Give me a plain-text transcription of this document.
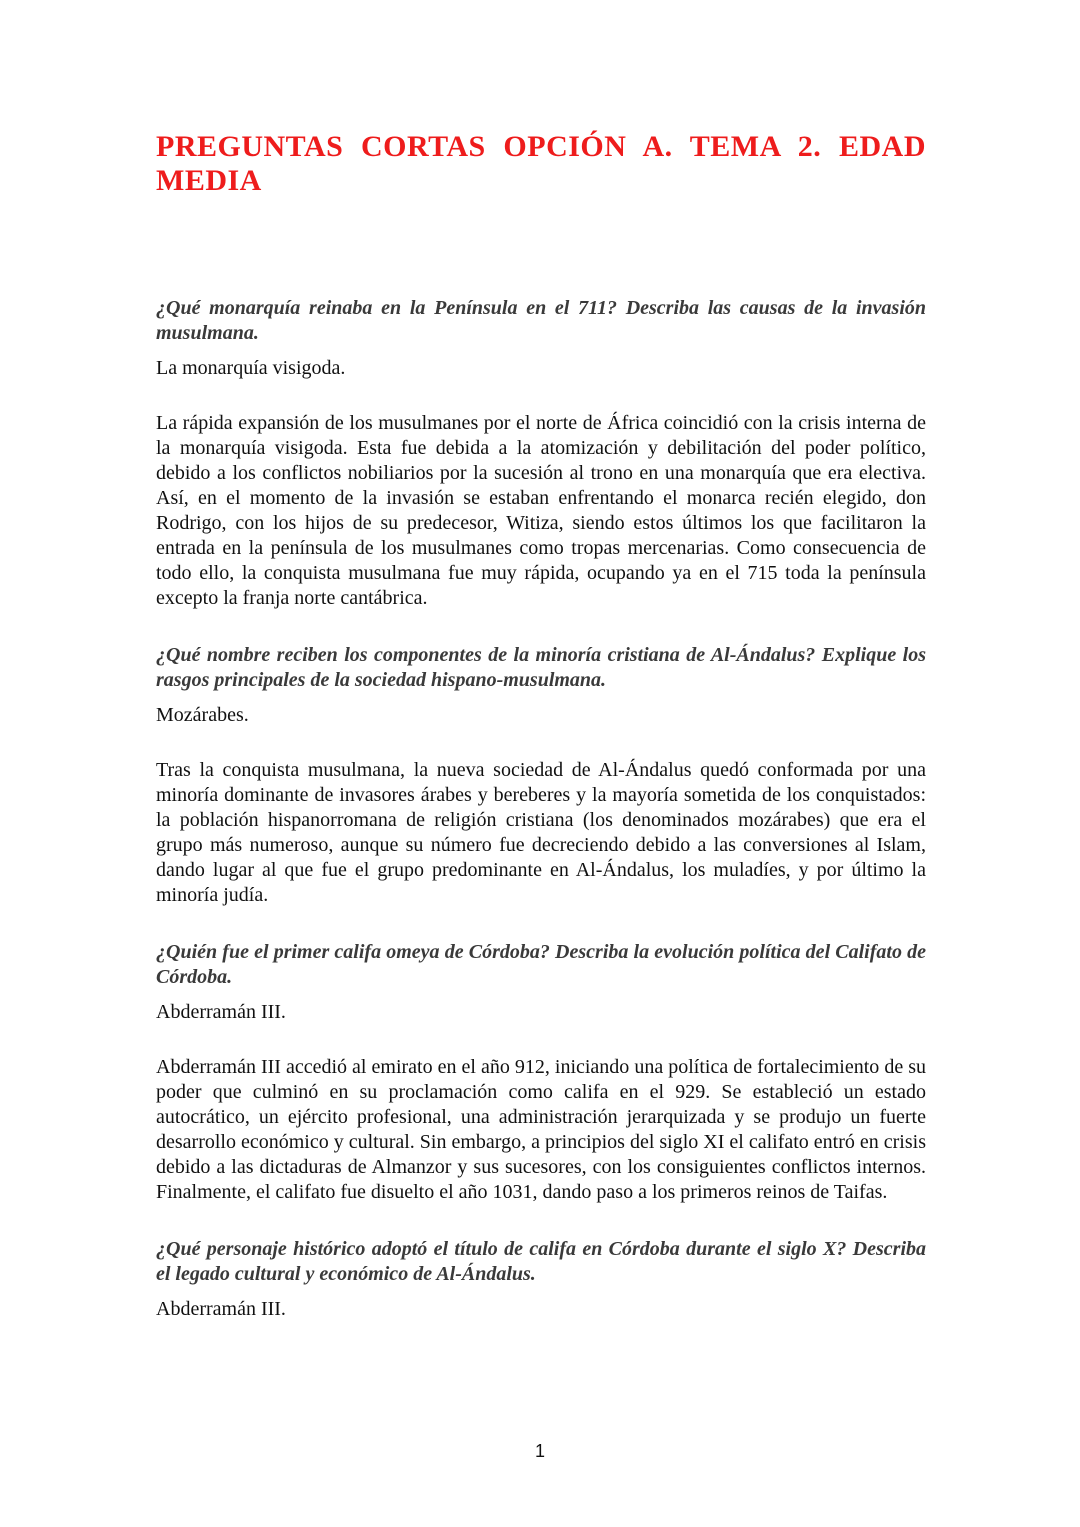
PREGUNTAS CORTAS OPCIÓN A. TEMA 2. EDAD
MEDIA

¿Qué monarquía reinaba en la Península en el 711? Describa las causas de la invasión musulmana.

La monarquía visigoda.

La rápida expansión de los musulmanes por el norte de África coincidió con la crisis interna de la monarquía visigoda. Esta fue debida a la atomización y debilitación del poder político, debido a los conflictos nobiliarios por la sucesión al trono en una monarquía que era electiva. Así, en el momento de la invasión se estaban enfrentando el monarca recién elegido, don Rodrigo, con los hijos de su predecesor, Witiza, siendo estos últimos los que facilitaron la entrada en la península de los musulmanes como tropas mercenarias. Como consecuencia de todo ello, la conquista musulmana fue muy rápida, ocupando ya en el 715 toda la península excepto la franja norte cantábrica.

¿Qué nombre reciben los componentes de la minoría cristiana de Al-Ándalus? Explique los rasgos principales de la sociedad hispano-musulmana.

Mozárabes.

Tras la conquista musulmana, la nueva sociedad de Al-Ándalus quedó conformada por una minoría dominante de invasores árabes y bereberes y la mayoría sometida de los conquistados: la población hispanorromana de religión cristiana (los denominados mozárabes) que era el grupo más numeroso, aunque su número fue decreciendo debido a las conversiones al Islam, dando lugar al que fue el grupo predominante en Al-Ándalus, los muladíes, y por último la minoría judía.

¿Quién fue el primer califa omeya de Córdoba? Describa la evolución política del Califato de Córdoba.

Abderramán III.

Abderramán III accedió al emirato en el año 912, iniciando una política de fortalecimiento de su poder que culminó en su proclamación como califa en el 929. Se estableció un estado autocrático, un ejército profesional, una administración jerarquizada y se produjo un fuerte desarrollo económico y cultural. Sin embargo, a principios del siglo XI el califato entró en crisis debido a las dictaduras de Almanzor y sus sucesores, con los consiguientes conflictos internos. Finalmente, el califato fue disuelto el año 1031, dando paso a los primeros reinos de Taifas.

¿Qué personaje histórico adoptó el título de califa en Córdoba durante el siglo X? Describa el legado cultural y económico de Al-Ándalus.

Abderramán III.

1
